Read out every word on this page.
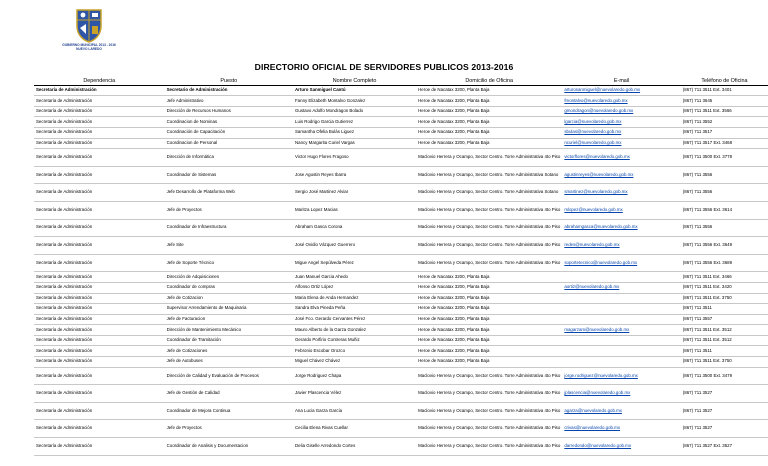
GOBIERNO MUNICIPAL 2013 - 2016
NUEVO LAREDO
DIRECTORIO OFICIAL DE SERVIDORES PUBLICOS 2013-2016
Dependencia	Puesto	Nombre Completo	Domicilio de Oficina	E-mail	Teléfono de Oficina
Secretaría de Administración	Secretario de Administración	Arturo Sanmiguel Cantú	Heroe de Nacatax 3200, Planta Baja	arturosanmiguel@nuevolaredo.gob.mx	(867) 711 3511 Ext. 3401
Secretaría de Administración	Jefe Administrativo	Fanny Elizabeth Montalvo Gonzalez	Heroe de Nacatax 3200, Planta Baja	fmontalvo@nuevolaredo.gob.mx	(867) 711 3645
Secretaría de Administración	Dirección de Recursos Humanos	Gustavo Adolfo Mondragon Bolado	Heroe de Nacatax 3200, Planta Baja	gmondragon@nuevolaredo.gob.mx	(867) 711 3511 Ext. 3566
Secretaría de Administración	Coordinacion de Nominas	Luis Rodrigo Garcia Gutierrez	Heroe de Nacatax 3200, Planta Baja	lgarcia@nuevolaredo.gob.mx	(867) 711 3552
Secretaría de Administración	Coordinación de Capacitación	Samantha Ofelia Bulás Liguez	Heroe de Nacatax 3200, Planta Baja	sbulas@nuevolaredo.gob.mx	(867) 711 3517
Secretaría de Administración	Coordinacion de Personal	Nancy Margarita Curiel Vargas	Heroe de Nacatax 3200, Planta Baja	ncuriel@nuevolaredo.gob.mx	(867) 711 3517 Ext. 3468
Secretaría de Administración	Dirección de Informática	Victor Hugo Flores Fragoso	Maclovio Herrera y Ocampo, Sector Centro. Torre Administrativa 4to Piso	victorflores@nuevolaredo.gob.mx	(867) 711 3500 Ext. 3778
Secretaría de Administración	Coordinador de Sistemas	Jose Agustin Reyes Ibarra	Maclovio Herrera y Ocampo, Sector Centro. Torre Administrativa Sotano	agustinreyes@nuevolaredo.gob.mx	(867) 711 3556
Secretaría de Administración	Jefe Desarrollo de Plataforma Web	Sergio José Martinez Alviar	Maclovio Herrera y Ocampo, Sector Centro. Torre Administrativa Sotano	smartinez@nuevolaredo.gob.mx	(867) 711 3556
Secretaría de Administración	Jefe de Proyectos	Maritza Lopez Macias	Maclovio Herrera y Ocampo, Sector Centro. Torre Administrativa 4to Piso	mlopez@nuevolaredo.gob.mx	(867) 711 3556 Ext. 3614
Secretaría de Administración	Coordinador de Infraestructura	Abraham Gasca Corona	Maclovio Herrera y Ocampo, Sector Centro. Torre Administrativa 4to Piso	abrahamgasca@nuevolaredo.gob.mx	(867) 711 3556
Secretaría de Administración	Jefe Site	José Ovidio Vázquez Guerrero	Maclovio Herrera y Ocampo, Sector Centro. Torre Administrativa 4to Piso	redes@nuevolaredo.gob.mx	(867) 711 3556 Ext. 3649
Secretaría de Administración	Jefe de Soporte Técnico	Migue Angel Sepúlveda Pérez	Maclovio Herrera y Ocampo, Sector Centro. Torre Administrativa 4to Piso	soportetecnico@nuevolaredo.gob.mx	(867) 711 3556 Ext. 3689
Secretaría de Administración	Dirección de Adquisiciones	Juan Manuel Garcia Ahedo	Heroe de Nacatax 3200, Planta Baja		(867) 711 3511 Ext. 3466
Secretaría de Administración	Coordinador de compras	Alfonso Ortiz López	Heroe de Nacatax 3200, Planta Baja	aortiz@nuevolaredo.gob.mx	(867) 711 3511 Ext. 3420
Secretaría de Administración	Jefe de Cotizacion	Maria Elena de Anda Hernandez	Heroe de Nacatax 3200, Planta Baja		(867) 711 3511 Ext. 3750
Secretaría de Administración	Supervisor Arrendamiento de Maquinaria	Sandra Elva Pineda Peña	Heroe de Nacatax 3200, Planta Baja		(867) 711 3511
Secretaría de Administración	Jefe de Facturacion	José Fco. Gerardo Cervantes Pérez	Heroe de Nacatax 3200, Planta Baja		(867) 711 3557
Secretaría de Administración	Dirección de Mantenimiento Mecánico	Mauro Alberto de la Garza Gonzalez	Heroe de Nacatax 3200, Planta Baja	magarzam@nuevolaredo.gob.mx	(867) 711 3511 Ext. 3512
Secretaría de Administración	Coordinador de Tramitación	Gerardo Porfirio Contreras Muñiz	Heroe de Nacatax 3200, Planta Baja		(867) 711 3511 Ext. 3512
Secretaría de Administración	Jefe de Cotizaciones	Febronio Escobar Orozco	Heroe de Nacatax 3200, Planta Baja		(867) 711 3511
Secretaría de Administración	Jefe de Autobuses	Miguel Chávez Chávez	Heroe de Nacatax 3200, Planta Baja		(867) 711 3511 Ext. 3750
Secretaría de Administración	Dirección de Calidad y Evaluación de Procesos	Jorge Rodriguez Chapa	Maclovio Herrera y Ocampo, Sector Centro. Torre Administrativa 4to Piso	jorge.rodriguez@nuevolaredo.gob.mx	(867) 711 3500 Ext. 3479
Secretaría de Administración	Jefe de Gestión de Calidad	Javier Plascencia Vélez	Maclovio Herrera y Ocampo, Sector Centro. Torre Administrativa 4to Piso	jplascencia@nuevolaredo.gob.mx	(867) 711 3527
Secretaría de Administración	Coordinador de Mejora Continua	Ana Lucia Garza García	Maclovio Herrera y Ocampo, Sector Centro. Torre Administrativa 4to Piso	agarza@nuevolaredo.gob.mx	(867) 711 3527
Secretaría de Administración	Jefe de Proyectos	Cecilia Elena Rivas Cuellar	Maclovio Herrera y Ocampo, Sector Centro. Torre Administrativa 4to Piso	crivas@nuevolaredo.gob.mx	(867) 711 3527
Secretaría de Administración	Coordinador de Analisis y Documentacion	Delia Giselle Arredondo Cortes	Maclovio Herrera y Ocampo, Sector Centro. Torre Administrativa 4to Piso	darredondo@nuevolaredo.gob.mx	(867) 711 3527 Ext. 3527
